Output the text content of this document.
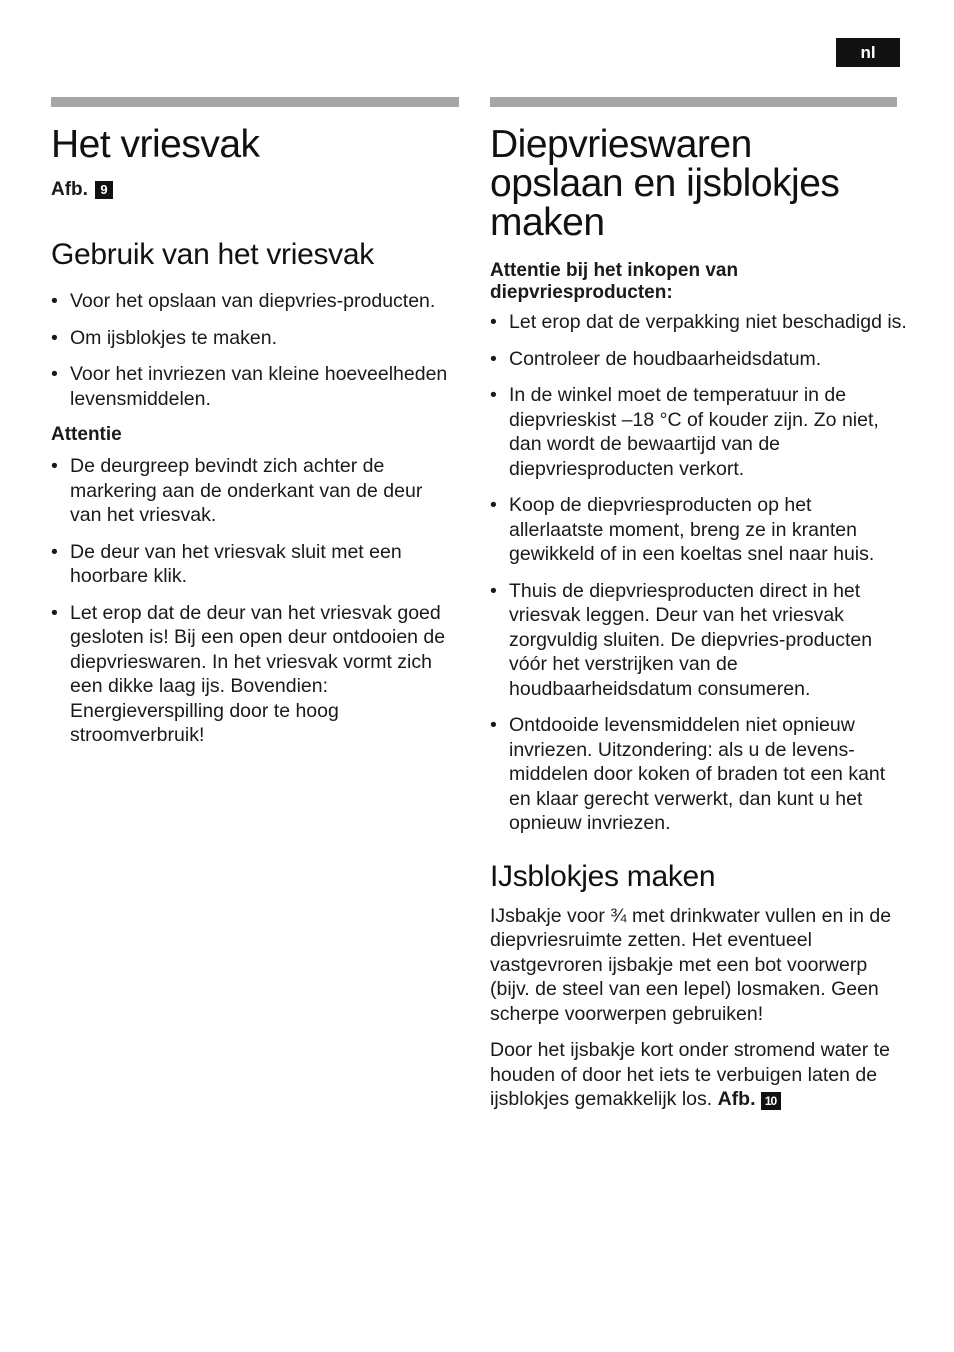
nl
Het vriesvak
Afb. 9
Gebruik van het vriesvak
• Voor het opslaan van diepvries-producten.
• Om ijsblokjes te maken.
• Voor het invriezen van kleine hoeveelheden levensmiddelen.

Attentie

• De deurgreep bevindt zich achter de markering aan de onderkant van de deur van het vriesvak.
• De deur van het vriesvak sluit met een hoorbare klik.
• Let erop dat de deur van het vriesvak goed gesloten is! Bij een open deur ontdooien de diepvrieswaren. In het vriesvak vormt zich een dikke laag ijs. Bovendien: Energieverspilling door te hoog stroomverbruik!
Diepvrieswaren
opslaan en ijsblokjes
maken

Attentie bij het inkopen van
diepvriesproducten:

• Let erop dat de verpakking niet beschadigd is.
• Controleer de houdbaarheidsdatum.
• In de winkel moet de temperatuur in de diepvrieskist –18 °C of kouder zijn. Zo niet, dan wordt de bewaartijd van de diepvriesproducten verkort.
• Koop de diepvriesproducten op het allerlaatste moment, breng ze in kranten gewikkeld of in een koeltas snel naar huis.
• Thuis de diepvriesproducten direct in het vriesvak leggen. Deur van het vriesvak zorgvuldig sluiten. De diepvries-producten vóór het verstrijken van de houdbaarheidsdatum consumeren.
• Ontdooide levensmiddelen niet opnieuw invriezen. Uitzondering: als u de levens-middelen door koken of braden tot een kant en klaar gerecht verwerkt, dan kunt u het opnieuw invriezen.
IJsblokjes maken

IJsbakje voor ¾ met drinkwater vullen en in de diepvriesruimte zetten. Het eventueel vastgevroren ijsbakje met een bot voorwerp (bijv. de steel van een lepel) losmaken. Geen scherpe voorwerpen gebruiken!

Door het ijsbakje kort onder stromend water te houden of door het iets te verbuigen laten de ijsblokjes gemakkelijk los. Afb. 10
